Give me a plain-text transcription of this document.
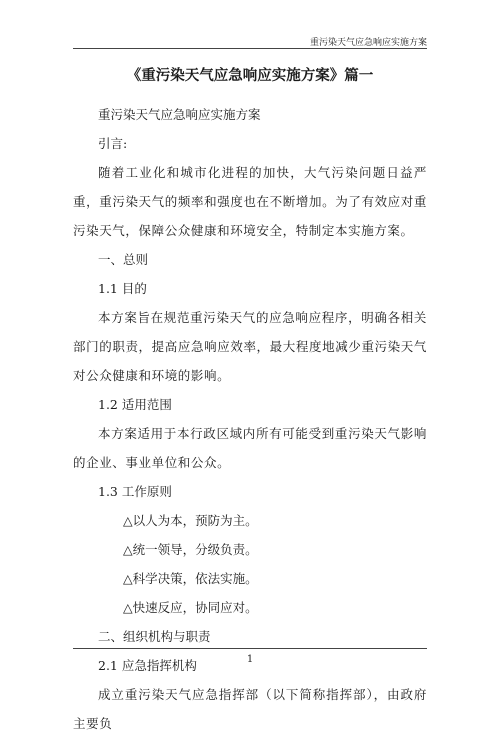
重污染天气应急响应实施方案
《重污染天气应急响应实施方案》篇一

重污染天气应急响应实施方案

引言:

随着工业化和城市化进程的加快，大气污染问题日益严重，重污染天气的频率和强度也在不断增加。为了有效应对重污染天气，保障公众健康和环境安全，特制定本实施方案。

一、总则

1.1 目的

本方案旨在规范重污染天气的应急响应程序，明确各相关部门的职责，提高应急响应效率，最大程度地减少重污染天气对公众健康和环境的影响。

1.2 适用范围

本方案适用于本行政区域内所有可能受到重污染天气影响的企业、事业单位和公众。

1.3 工作原则

△以人为本，预防为主。

△统一领导，分级负责。

△科学决策，依法实施。

△快速反应，协同应对。

二、组织机构与职责

2.1 应急指挥机构

成立重污染天气应急指挥部（以下简称指挥部），由政府主要负

1
